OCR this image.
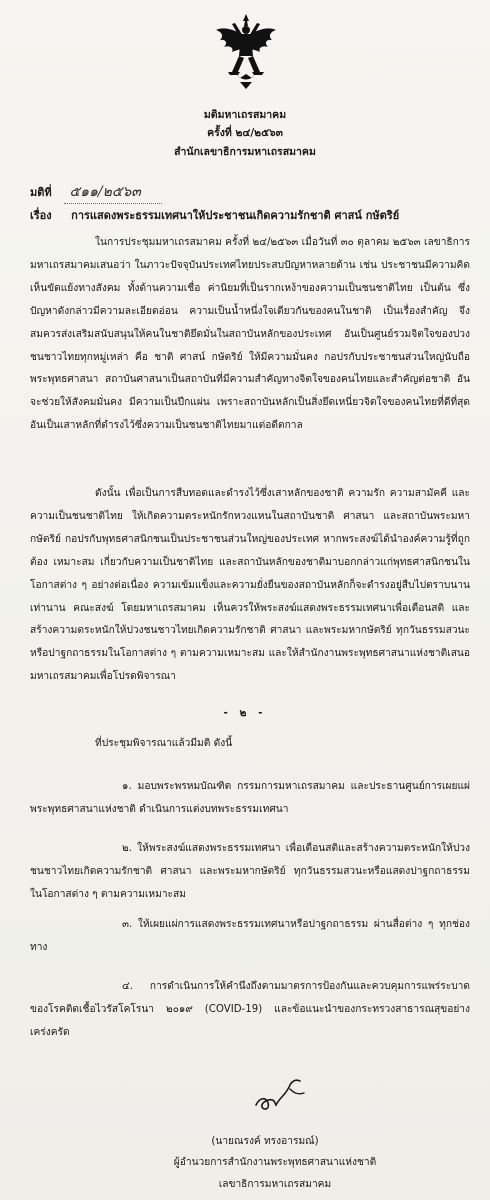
มติมหาเถรสมาคม
ครั้งที่ ๒๔/๒๕๖๓
สำนักเลขาธิการมหาเถรสมาคม
มติที่ ๕๑๑/๒๕๖๓
เรื่อง การแสดงพระธรรมเทศนาให้ประชาชนเกิดความรักชาติ ศาสน์ กษัตริย์
ในการประชุมมหาเถรสมาคม ครั้งที่ ๒๔/๒๕๖๓ เมื่อวันที่ ๓๐ ตุลาคม ๒๕๖๓ เลขาธิการมหาเถรสมาคมเสนอว่า ในภาวะปัจจุบันประเทศไทยประสบปัญหาหลายด้าน เช่น ประชาชนมีความคิดเห็นขัดแย้งทางสังคม ทั้งด้านความเชื่อ ค่านิยมที่เป็นรากเหง้าของความเป็นชนชาติไทย เป็นต้น ซึ่งปัญหาดังกล่าวมีความละเอียดอ่อน ความเป็นน้ำหนึ่งใจเดียวกันของคนในชาติ เป็นเรื่องสำคัญ จึงสมควรส่งเสริมสนับสนุนให้คนในชาติยึดมั่นในสถาบันหลักของประเทศ อันเป็นศูนย์รวมจิตใจของปวงชนชาวไทยทุกหมู่เหล่า คือ ชาติ ศาสน์ กษัตริย์ ให้มีความมั่นคง กอปรกับประชาชนส่วนใหญ่นับถือพระพุทธศาสนา สถาบันศาสนาเป็นสถาบันที่มีความสำคัญทางจิตใจของคนไทยและสำคัญต่อชาติ อันจะช่วยให้สังคมมั่นคง มีความเป็นปึกแผ่น เพราะสถาบันหลักเป็นสิ่งยึดเหนี่ยวจิตใจของคนไทยที่ดีที่สุด อันเป็นเสาหลักที่ดำรงไว้ซึ่งความเป็นชนชาติไทยมาแต่อดีตกาล
ดังนั้น เพื่อเป็นการสืบทอดและดำรงไว้ซึ่งเสาหลักของชาติ ความรัก ความสามัคคี และความเป็นชนชาติไทย ให้เกิดความตระหนักรักหวงแหนในสถาบันชาติ ศาสนา และสถาบันพระมหากษัตริย์ กอปรกับพุทธศาสนิกชนเป็นประชาชนส่วนใหญ่ของประเทศ หากพระสงฆ์ได้นำองค์ความรู้ที่ถูกต้อง เหมาะสม เกี่ยวกับความเป็นชาติไทย และสถาบันหลักของชาติมาบอกกล่าวแก่พุทธศาสนิกชนในโอกาสต่าง ๆ อย่างต่อเนื่อง ความเข้มแข็งและความยั่งยืนของสถาบันหลักก็จะดำรงอยู่สืบไปตราบนานเท่านาน คณะสงฆ์ โดยมหาเถรสมาคม เห็นควรให้พระสงฆ์แสดงพระธรรมเทศนาเพื่อเตือนสติ และสร้างความตระหนักให้ปวงชนชาวไทยเกิดความรักชาติ ศาสนา และพระมหากษัตริย์ ทุกวันธรรมสวนะหรือปาฐกถาธรรมในโอกาสต่าง ๆ ตามความเหมาะสม และให้สำนักงานพระพุทธศาสนาแห่งชาติเสนอมหาเถรสมาคมเพื่อโปรดพิจารณา
- ๒ -
ที่ประชุมพิจารณาแล้วมีมติ ดังนี้
๑. มอบพระพรหมบัณฑิต กรรมการมหาเถรสมาคม และประธานศูนย์การเผยแผ่พระพุทธศาสนาแห่งชาติ ดำเนินการแต่งบทพระธรรมเทศนา
๒. ให้พระสงฆ์แสดงพระธรรมเทศนา เพื่อเตือนสติและสร้างความตระหนักให้ปวงชนชาวไทยเกิดความรักชาติ ศาสนา และพระมหากษัตริย์ ทุกวันธรรมสวนะหรือแสดงปาฐกถาธรรม ในโอกาสต่าง ๆ ตามความเหมาะสม
๓. ให้เผยแผ่การแสดงพระธรรมเทศนาหรือปาฐกถาธรรม ผ่านสื่อต่าง ๆ ทุกช่องทาง
๔. การดำเนินการให้คำนึงถึงตามมาตรการป้องกันและควบคุมการแพร่ระบาดของโรคติดเชื้อไวรัสโคโรนา ๒๐๑๙ (COVID-19) และข้อแนะนำของกระทรวงสาธารณสุขอย่างเคร่งครัด
(นายณรงค์ ทรงอารมณ์)
ผู้อำนวยการสำนักงานพระพุทธศาสนาแห่งชาติ
เลขาธิการมหาเถรสมาคม
